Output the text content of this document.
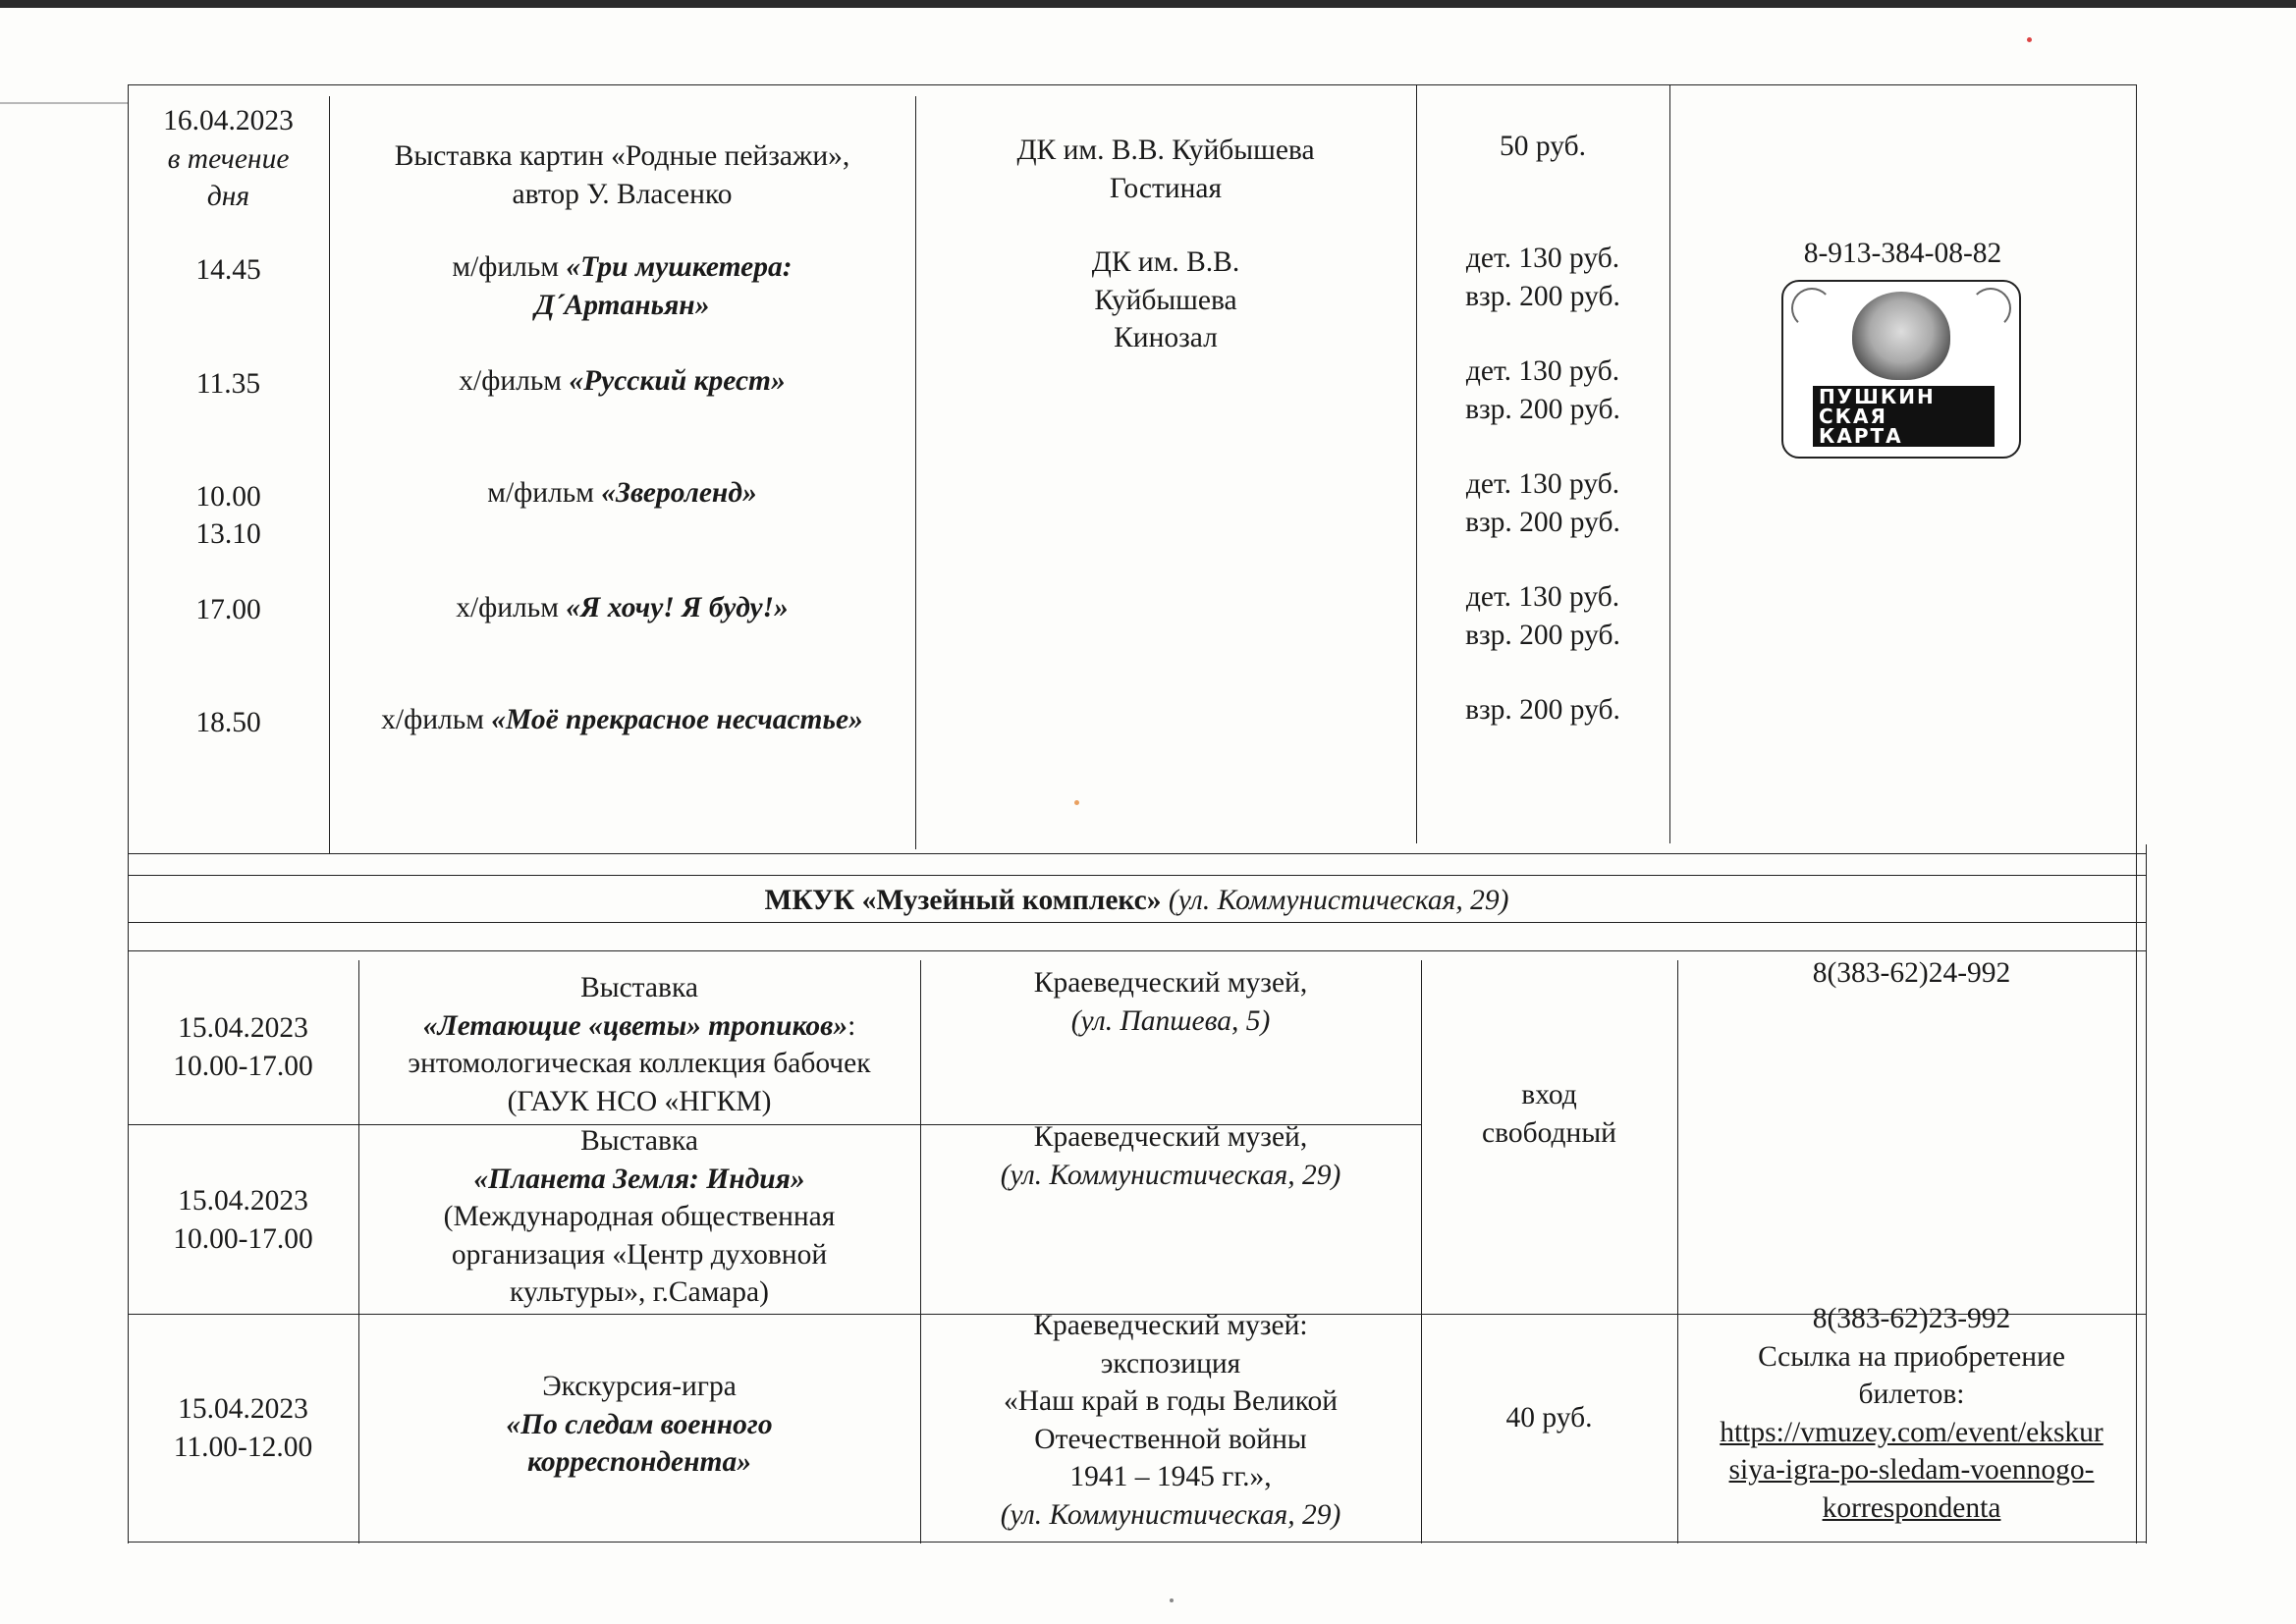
16.04.2023
в течение
дня
14.45
11.35
10.00
13.10
17.00
18.50
Выставка картин «Родные пейзажи»,
автор У. Власенко
м/фильм «Три мушкетера:
Д´Артаньян»
х/фильм «Русский крест»
м/фильм «Звероленд»
х/фильм «Я хочу! Я буду!»
х/фильм «Моё прекрасное несчастье»
ДК им. В.В. Куйбышева
Гостиная
ДК им. В.В.
Куйбышева
Кинозал
50 руб.
дет. 130 руб.
взр. 200 руб.
дет. 130 руб.
взр. 200 руб.
дет. 130 руб.
взр. 200 руб.
дет. 130 руб.
взр. 200 руб.
взр. 200 руб.
8-913-384-08-82
ПУШКИН
СКАЯ
КАРТА
МКУК «Музейный комплекс» (ул. Коммунистическая, 29)
15.04.2023
10.00-17.00
Выставка
«Летающие «цветы» тропиков»:
энтомологическая коллекция бабочек
(ГАУК НСО «НГКМ)
Краеведческий музей,
(ул. Папшева, 5)
15.04.2023
10.00-17.00
Выставка
«Планета Земля: Индия»
(Международная общественная
организация «Центр духовной
культуры», г.Самара)
Краеведческий музей,
(ул. Коммунистическая, 29)
вход
свободный
8(383-62)24-992
15.04.2023
11.00-12.00
Экскурсия-игра
«По следам военного
корреспондента»
Краеведческий музей:
экспозиция
«Наш край в годы Великой
Отечественной войны
1941 – 1945 гг.»,
(ул. Коммунистическая, 29)
40 руб.
8(383-62)23-992
Ссылка на приобретение
билетов:
https://vmuzey.com/event/ekskur
siya-igra-po-sledam-voennogo-
korrespondenta
